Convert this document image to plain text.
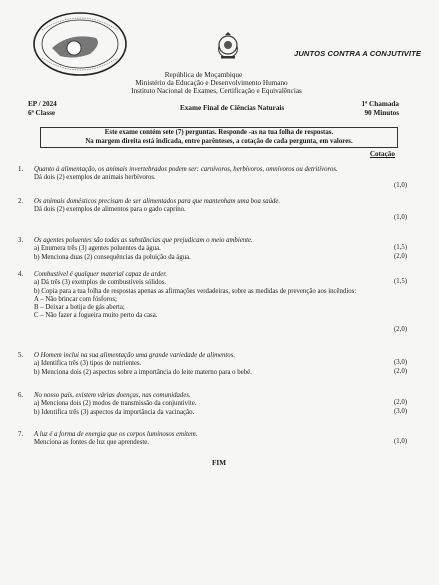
JUNTOS CONTRA A CONJUTIVITE
República de Moçambique
Ministério da Educação e Desenvolvimento Humano
Instituto Nacional de Exames, Certificação e Equivalências
EP / 2024
6ª Classe
Exame Final de Ciências Naturais	1ª Chamada
90 Minutos
Este exame contém sete (7) perguntas. Responde -as na tua folha de respostas.
Na margem direita está indicada, entre parênteses, a cotação de cada pergunta, em valores.
Cotação
1. Quanto à alimentação, os animais invertebrados podem ser: carnívoros, herbívoros, omnívoros ou detritívoros.
Dá dois (2) exemplos de animais herbívoros.
(1,0)
2. Os animais domésticos precisam de ser alimentados para que mantenham uma boa saúde.
Dá dois (2) exemplos de alimentos para o gado caprino.
(1,0)
3. Os agentes poluentes são todas as substâncias que prejudicam o meio ambiente.
a) Enumera três (3) agentes poluentes da água.
b) Menciona duas (2) consequências da poluição da água.
(1,5)
(2,0)
4. Combustível é qualquer material capaz de arder.
a) Dá três (3) exemplos de combustíveis sólidos.
b) Copia para a tua folha de respostas apenas as afirmações verdadeiras, sobre as medidas de prevenção aos incêndios:
A – Não brincar com fósforos;
B – Deixar a botija de gás aberta;
C – Não fazer a fogueira muito perto da casa.
(1,5)
(2,0)
5. O Homem inclui na sua alimentação uma grande variedade de alimentos.
a) Identifica três (3) tipos de nutrientes.
b) Menciona dois (2) aspectos sobre a importância do leite materno para o bebé.
(3,0)
(2,0)
6. No nosso país, existem várias doenças, nas comunidades.
a) Menciona dois (2) modos de transmissão da conjuntivite.
b) Identifica três (3) aspectos da importância da vacinação.
(2,0)
(3,0)
7. A luz é a forma de energia que os corpos luminosos emitem.
Menciona as fontes de luz que aprendeste.	(1,0)
FIM
